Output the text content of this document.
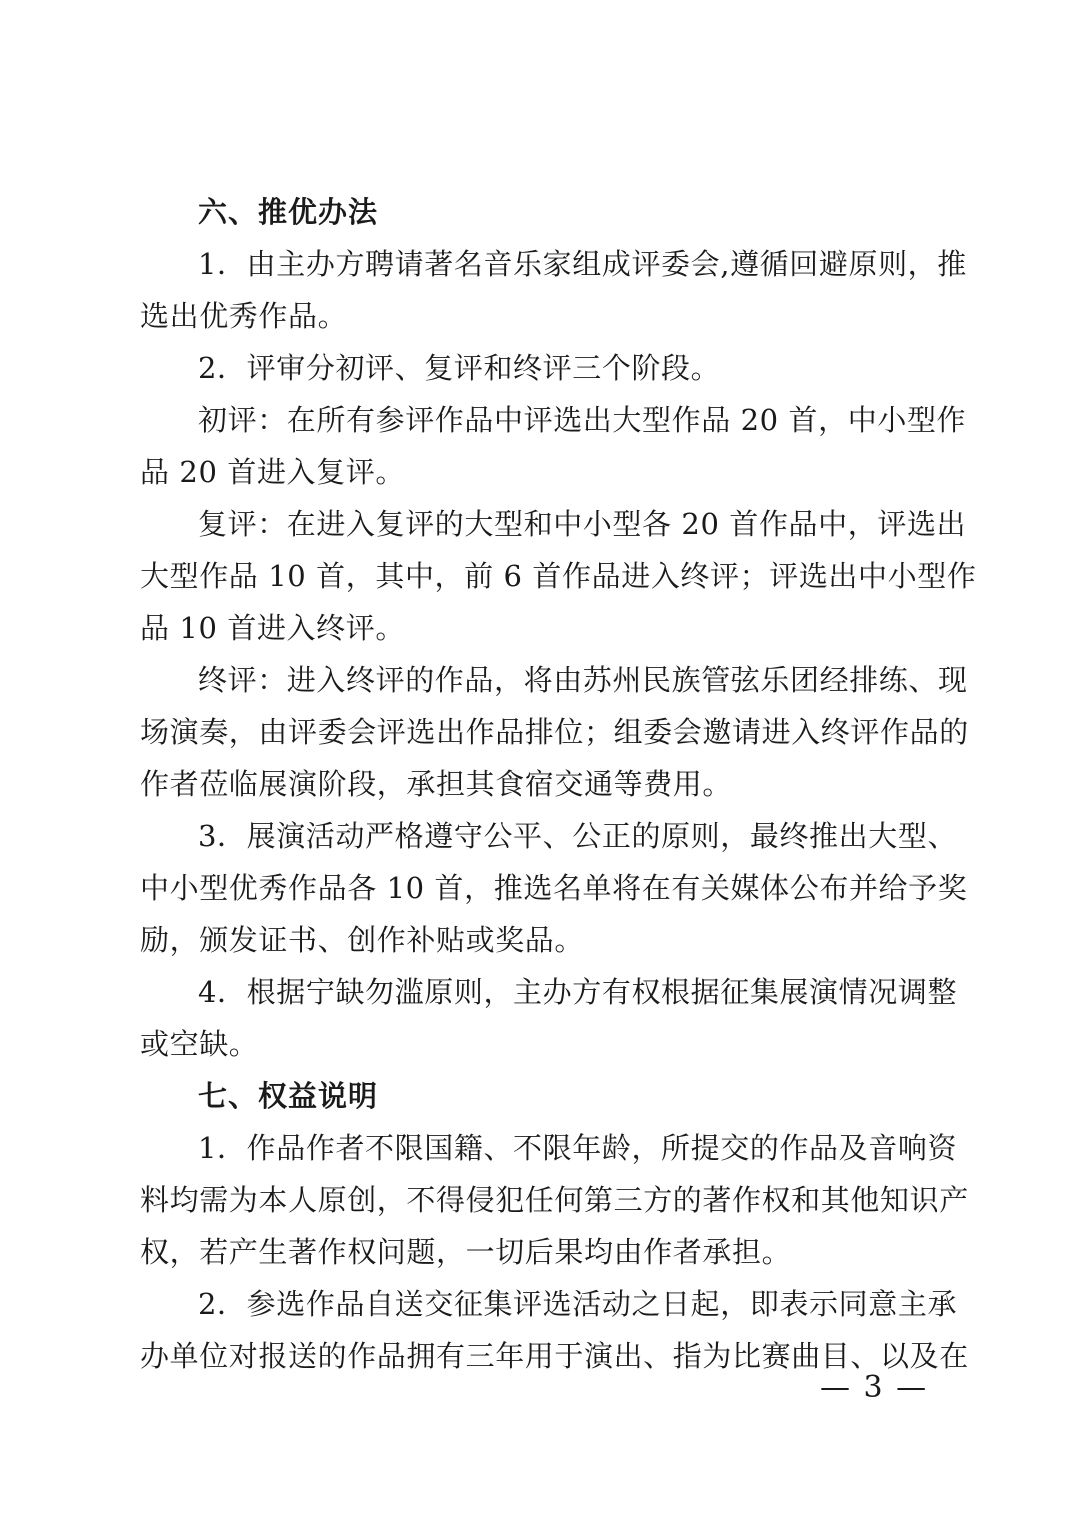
六、推优办法
1．由主办方聘请著名音乐家组成评委会,遵循回避原则，推
选出优秀作品。
2．评审分初评、复评和终评三个阶段。
初评：在所有参评作品中评选出大型作品 20 首，中小型作
品 20 首进入复评。
复评：在进入复评的大型和中小型各 20 首作品中，评选出
大型作品 10 首，其中，前 6 首作品进入终评；评选出中小型作
品 10 首进入终评。
终评：进入终评的作品，将由苏州民族管弦乐团经排练、现
场演奏，由评委会评选出作品排位；组委会邀请进入终评作品的
作者莅临展演阶段，承担其食宿交通等费用。
3．展演活动严格遵守公平、公正的原则，最终推出大型、
中小型优秀作品各 10 首，推选名单将在有关媒体公布并给予奖
励，颁发证书、创作补贴或奖品。
4．根据宁缺勿滥原则，主办方有权根据征集展演情况调整
或空缺。
七、权益说明
1．作品作者不限国籍、不限年龄，所提交的作品及音响资
料均需为本人原创，不得侵犯任何第三方的著作权和其他知识产
权，若产生著作权问题，一切后果均由作者承担。
2．参选作品自送交征集评选活动之日起，即表示同意主承
办单位对报送的作品拥有三年用于演出、指为比赛曲目、以及在
— 3 —
